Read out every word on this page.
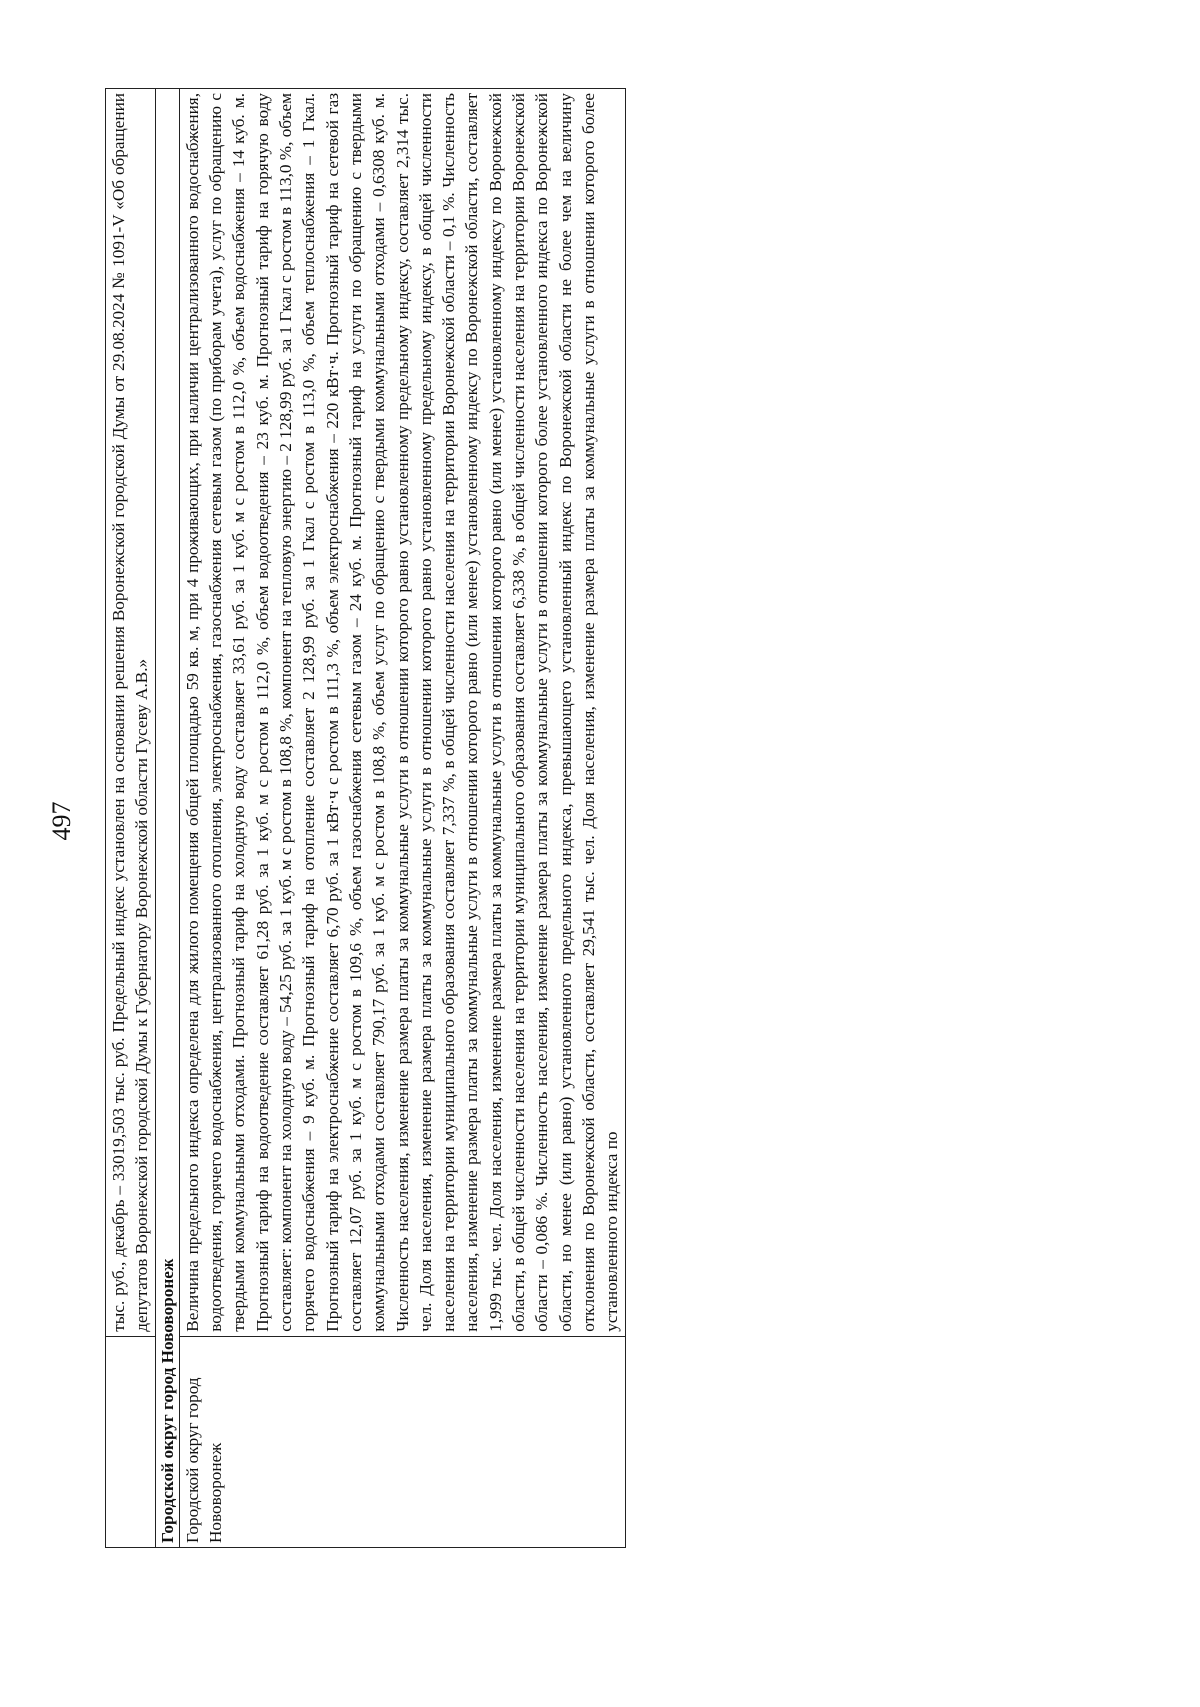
497
	тыс. руб., декабрь – 33019,503 тыс. руб. Предельный индекс установлен на основании решения Воронежской городской Думы от 29.08.2024 № 1091-V «Об обращении депутатов Воронежской городской Думы к Губернатору Воронежской области Гусеву А.В.»
Городской округ город Нововоронеж	
Городской округ город Нововоронеж	Величина предельного индекса определена для жилого помещения общей площадью 59 кв. м, при 4 проживающих, при наличии централизованного водоснабжения, водоотведения, горячего водоснабжения, централизованного отопления, электроснабжения, газоснабжения сетевым газом (по приборам учета), услуг по обращению с твердыми коммунальными отходами. Прогнозный тариф на холодную воду составляет 33,61 руб. за 1 куб. м с ростом в 112,0 %, объем водоснабжения – 14 куб. м. Прогнозный тариф на водоотведение составляет 61,28 руб. за 1 куб. м с ростом в 112,0 %, объем водоотведения – 23 куб. м. Прогнозный тариф на горячую воду составляет: компонент на холодную воду – 54,25 руб. за 1 куб. м с ростом в 108,8 %, компонент на тепловую энергию – 2 128,99 руб. за 1 Гкал с ростом в 113,0 %, объем горячего водоснабжения – 9 куб. м. Прогнозный тариф на отопление составляет 2 128,99 руб. за 1 Гкал с ростом в 113,0 %, объем теплоснабжения – 1 Гкал. Прогнозный тариф на электроснабжение составляет 6,70 руб. за 1 кВт·ч с ростом в 111,3 %, объем электроснабжения – 220 кВт·ч. Прогнозный тариф на сетевой газ составляет 12,07 руб. за 1 куб. м с ростом в 109,6 %, объем газоснабжения сетевым газом – 24 куб. м. Прогнозный тариф на услуги по обращению с твердыми коммунальными отходами составляет 790,17 руб. за 1 куб. м с ростом в 108,8 %, объем услуг по обращению с твердыми коммунальными отходами – 0,6308 куб. м. Численность населения, изменение размера платы за коммунальные услуги в отношении которого равно установленному предельному индексу, составляет 2,314 тыс. чел. Доля населения, изменение размера платы за коммунальные услуги в отношении которого равно установленному предельному индексу, в общей численности населения на территории муниципального образования составляет 7,337 %, в общей численности населения на территории Воронежской области – 0,1 %. Численность населения, изменение размера платы за коммунальные услуги в отношении которого равно (или менее) установленному индексу по Воронежской области, составляет 1,999 тыс. чел. Доля населения, изменение размера платы за коммунальные услуги в отношении которого равно (или менее) установленному индексу по Воронежской области, в общей численности населения на территории муниципального образования составляет 6,338 %, в общей численности населения на территории Воронежской области – 0,086 %. Численность населения, изменение размера платы за коммунальные услуги в отношении которого более установленного индекса по Воронежской области, но менее (или равно) установленного предельного индекса, превышающего установленный индекс по Воронежской области не более чем на величину отклонения по Воронежской области, составляет 29,541 тыс. чел. Доля населения, изменение размера платы за коммунальные услуги в отношении которого более установленного индекса по
